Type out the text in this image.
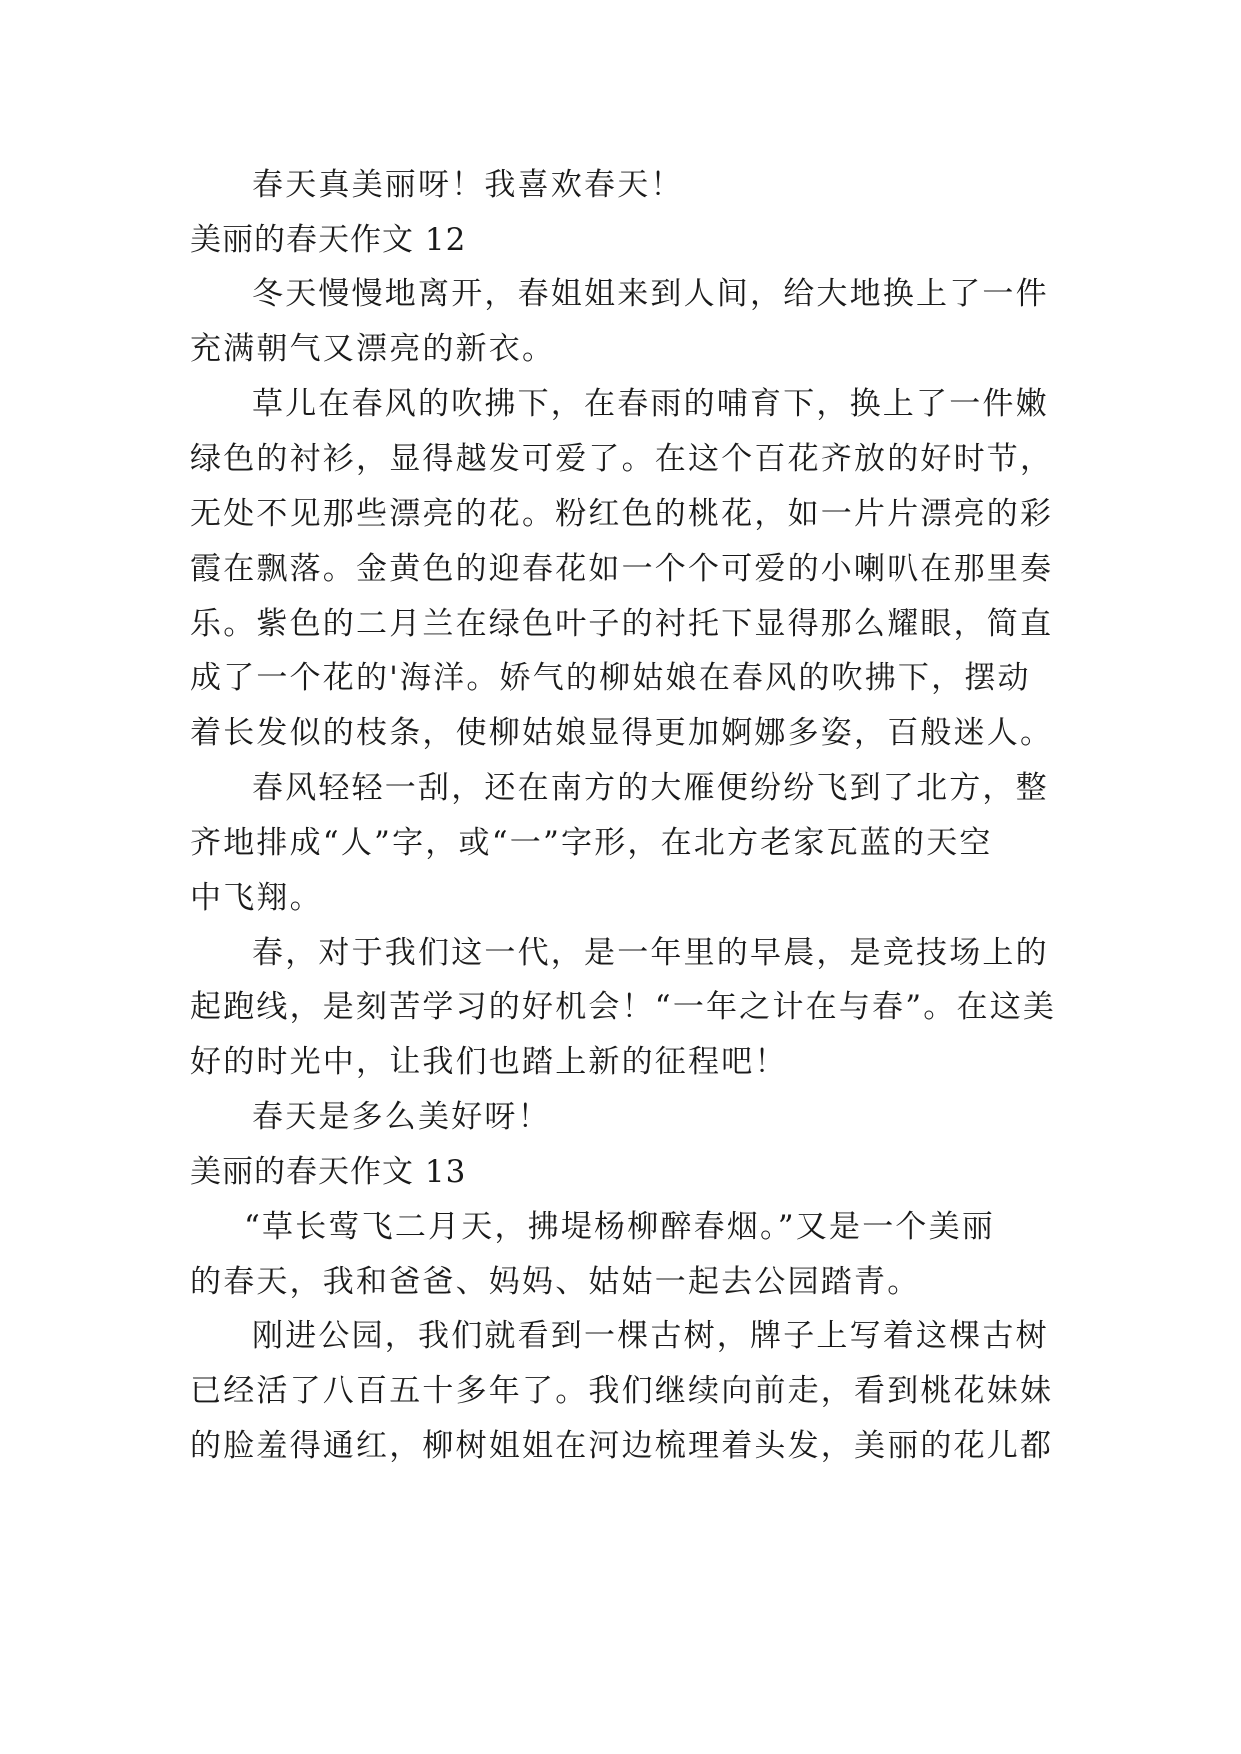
春天真美丽呀！我喜欢春天！
美丽的春天作文 12
冬天慢慢地离开，春姐姐来到人间，给大地换上了一件
充满朝气又漂亮的新衣。
草儿在春风的吹拂下，在春雨的哺育下，换上了一件嫩
绿色的衬衫，显得越发可爱了。在这个百花齐放的好时节，
无处不见那些漂亮的花。粉红色的桃花，如一片片漂亮的彩
霞在飘落。金黄色的迎春花如一个个可爱的小喇叭在那里奏
乐。紫色的二月兰在绿色叶子的衬托下显得那么耀眼，简直
成了一个花的'海洋。娇气的柳姑娘在春风的吹拂下，摆动
着长发似的枝条，使柳姑娘显得更加婀娜多姿，百般迷人。
春风轻轻一刮，还在南方的大雁便纷纷飞到了北方，整
齐地排成“人”字，或“一”字形，在北方老家瓦蓝的天空
中飞翔。
春，对于我们这一代，是一年里的早晨，是竞技场上的
起跑线，是刻苦学习的好机会！“一年之计在与春”。在这美
好的时光中，让我们也踏上新的征程吧！
春天是多么美好呀！
美丽的春天作文 13
“草长莺飞二月天，拂堤杨柳醉春烟。”又是一个美丽
的春天，我和爸爸、妈妈、姑姑一起去公园踏青。
刚进公园，我们就看到一棵古树，牌子上写着这棵古树
已经活了八百五十多年了。我们继续向前走，看到桃花妹妹
的脸羞得通红，柳树姐姐在河边梳理着头发，美丽的花儿都
